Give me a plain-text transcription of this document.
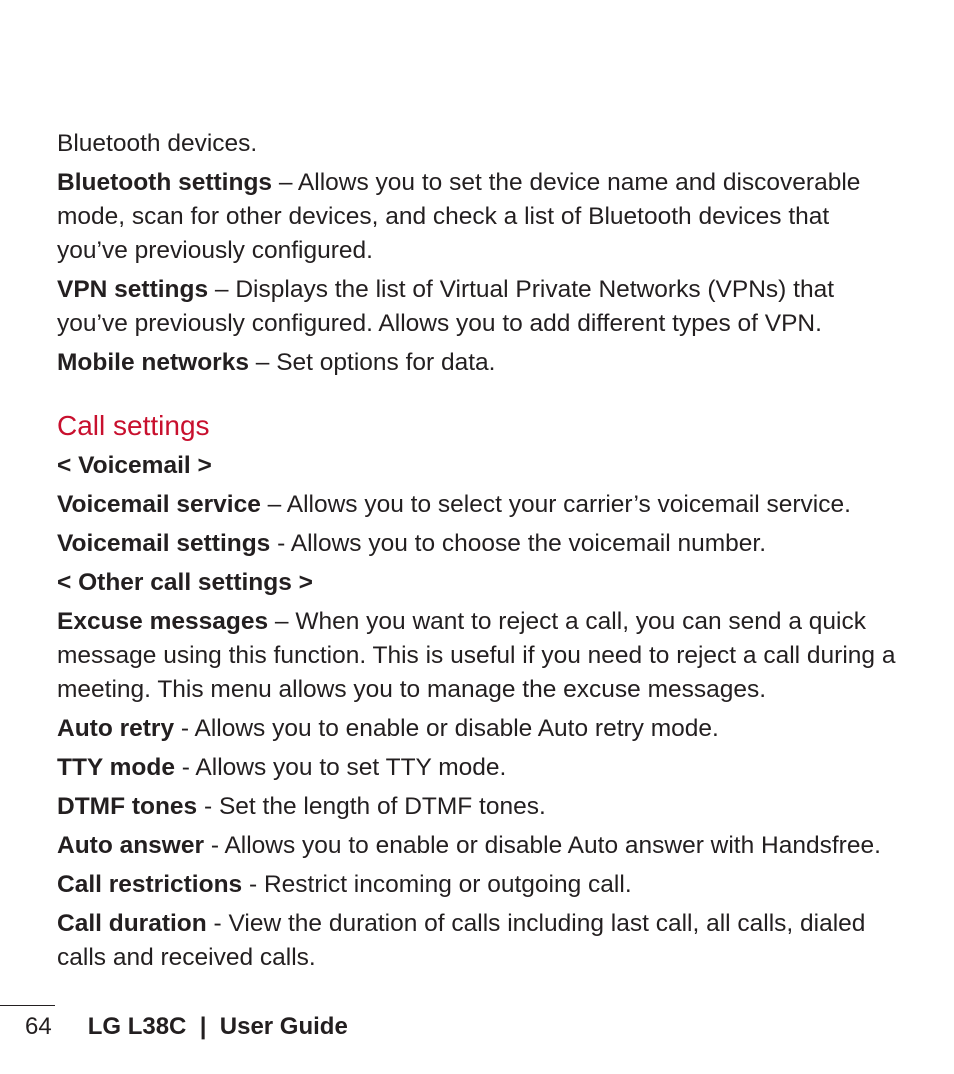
Bluetooth devices.

Bluetooth settings – Allows you to set the device name and discoverable mode, scan for other devices, and check a list of Bluetooth devices that you’ve previously configured.

VPN settings – Displays the list of Virtual Private Networks (VPNs) that you’ve previously configured. Allows you to add different types of VPN.

Mobile networks – Set options for data.

Call settings
< Voicemail >

Voicemail service – Allows you to select your carrier’s voicemail service.

Voicemail settings - Allows you to choose the voicemail number.

< Other call settings >

Excuse messages – When you want to reject a call, you can send a quick message using this function. This is useful if you need to reject a call during a meeting. This menu allows you to manage the excuse messages.

Auto retry - Allows you to enable or disable Auto retry mode.

TTY mode - Allows you to set TTY mode.

DTMF tones - Set the length of DTMF tones.

Auto answer - Allows you to enable or disable Auto answer with Handsfree.

Call restrictions - Restrict incoming or outgoing call.

Call duration - View the duration of calls including last call, all calls, dialed calls and received calls.

64 LG L38C  |  User Guide
